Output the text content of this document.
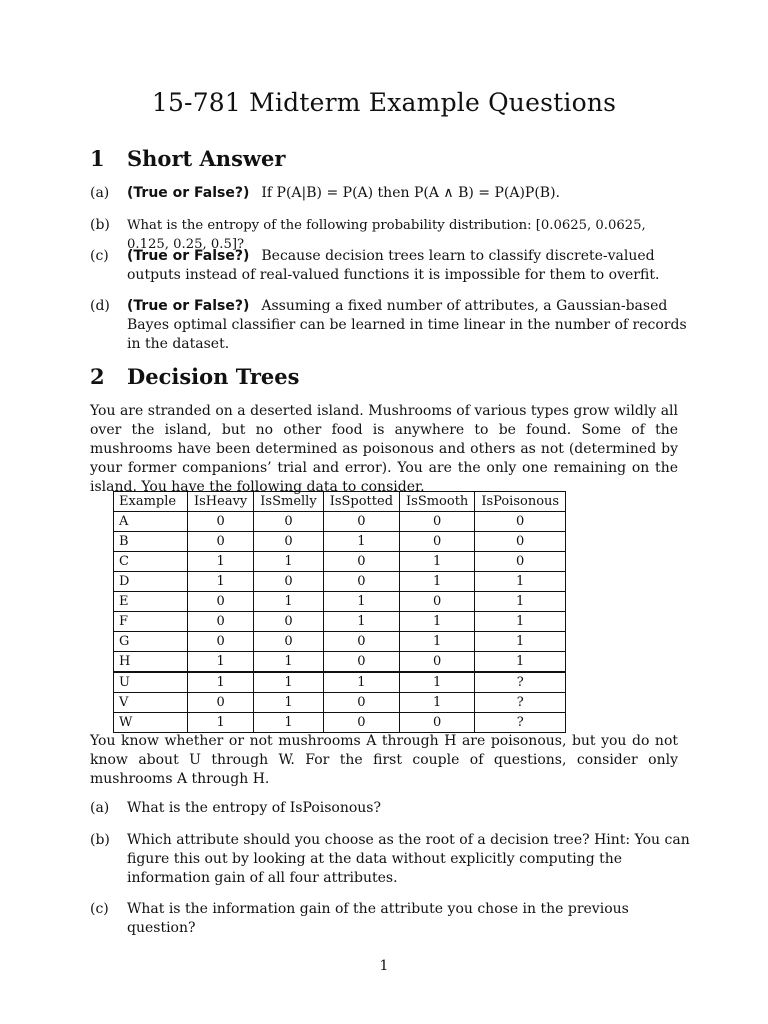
15-781 Midterm Example Questions
1 Short Answer
(a)	(True or False?) If P(A|B) = P(A) then P(A ∧ B) = P(A)P(B).
(b)	What is the entropy of the following probability distribution: [0.0625, 0.0625, 0.125, 0.25, 0.5]?
(c)	(True or False?) Because decision trees learn to classify discrete-valued outputs instead of real-valued functions it is impossible for them to overfit.
(d)	(True or False?) Assuming a fixed number of attributes, a Gaussian-based Bayes optimal classifier can be learned in time linear in the number of records in the dataset.
2 Decision Trees
You are stranded on a deserted island. Mushrooms of various types grow wildly all over the island, but no other food is anywhere to be found. Some of the mushrooms have been determined as poisonous and others as not (determined by your former companions’ trial and error). You are the only one remaining on the island. You have the following data to consider.
Example	IsHeavy	IsSmelly	IsSpotted	IsSmooth	IsPoisonous
A	0	0	0	0	0
B	0	0	1	0	0
C	1	1	0	1	0
D	1	0	0	1	1
E	0	1	1	0	1
F	0	0	1	1	1
G	0	0	0	1	1
H	1	1	0	0	1
U	1	1	1	1	?
V	0	1	0	1	?
W	1	1	0	0	?
You know whether or not mushrooms A through H are poisonous, but you do not know about U through W. For the first couple of questions, consider only mushrooms A through H.
(a)	What is the entropy of IsPoisonous?
(b)	Which attribute should you choose as the root of a decision tree? Hint: You can figure this out by looking at the data without explicitly computing the information gain of all four attributes.
(c)	What is the information gain of the attribute you chose in the previous question?
1
